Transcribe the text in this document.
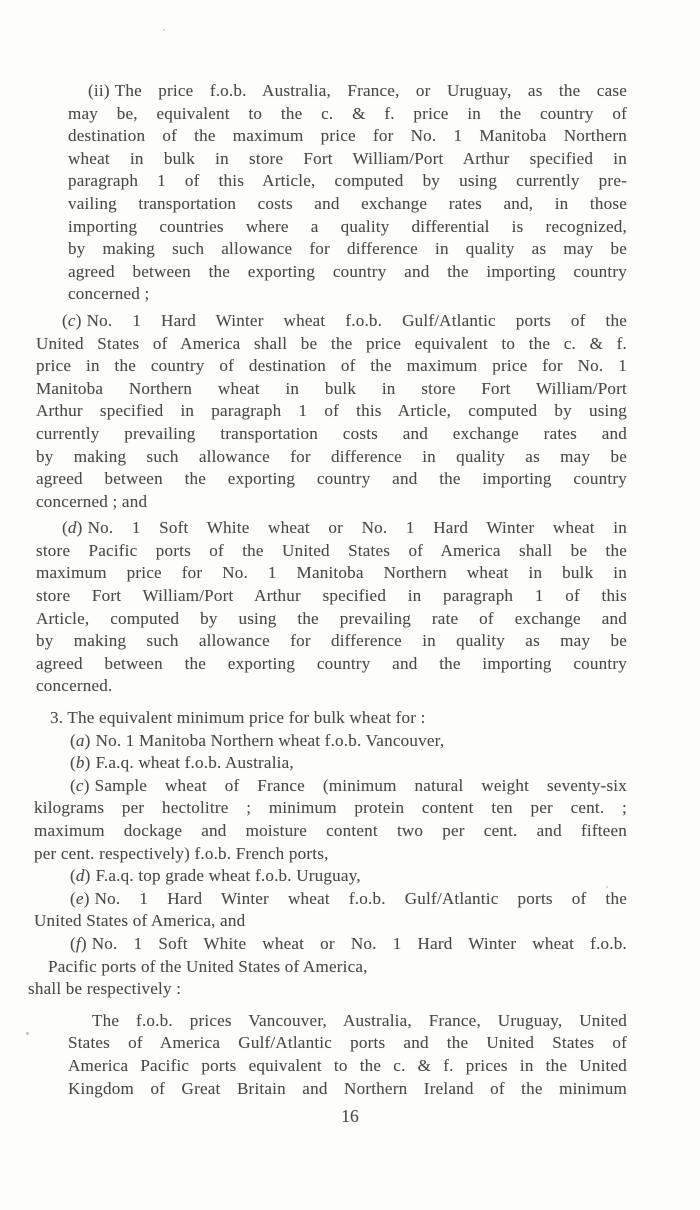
(ii) The price f.o.b. Australia, France, or Uruguay, as the case
may be, equivalent to the c. & f. price in the country of
destination of the maximum price for No. 1 Manitoba Northern
wheat in bulk in store Fort William/Port Arthur specified in
paragraph 1 of this Article, computed by using currently pre-
vailing transportation costs and exchange rates and, in those
importing countries where a quality differential is recognized,
by making such allowance for difference in quality as may be
agreed between the exporting country and the importing country
concerned ;
(c) No. 1 Hard Winter wheat f.o.b. Gulf/Atlantic ports of the
United States of America shall be the price equivalent to the c. & f.
price in the country of destination of the maximum price for No. 1
Manitoba Northern wheat in bulk in store Fort William/Port
Arthur specified in paragraph 1 of this Article, computed by using
currently prevailing transportation costs and exchange rates and
by making such allowance for difference in quality as may be
agreed between the exporting country and the importing country
concerned ; and
(d) No. 1 Soft White wheat or No. 1 Hard Winter wheat in
store Pacific ports of the United States of America shall be the
maximum price for No. 1 Manitoba Northern wheat in bulk in
store Fort William/Port Arthur specified in paragraph 1 of this
Article, computed by using the prevailing rate of exchange and
by making such allowance for difference in quality as may be
agreed between the exporting country and the importing country
concerned.
3. The equivalent minimum price for bulk wheat for :
(a) No. 1 Manitoba Northern wheat f.o.b. Vancouver,
(b) F.a.q. wheat f.o.b. Australia,
(c) Sample wheat of France (minimum natural weight seventy-six
kilograms per hectolitre ; minimum protein content ten per cent. ;
maximum dockage and moisture content two per cent. and fifteen
per cent. respectively) f.o.b. French ports,
(d) F.a.q. top grade wheat f.o.b. Uruguay,
(e) No. 1 Hard Winter wheat f.o.b. Gulf/Atlantic ports of the
United States of America, and
(f) No. 1 Soft White wheat or No. 1 Hard Winter wheat f.o.b.
Pacific ports of the United States of America,
shall be respectively :
The f.o.b. prices Vancouver, Australia, France, Uruguay, United
States of America Gulf/Atlantic ports and the United States of
America Pacific ports equivalent to the c. & f. prices in the United
Kingdom of Great Britain and Northern Ireland of the minimum
16
